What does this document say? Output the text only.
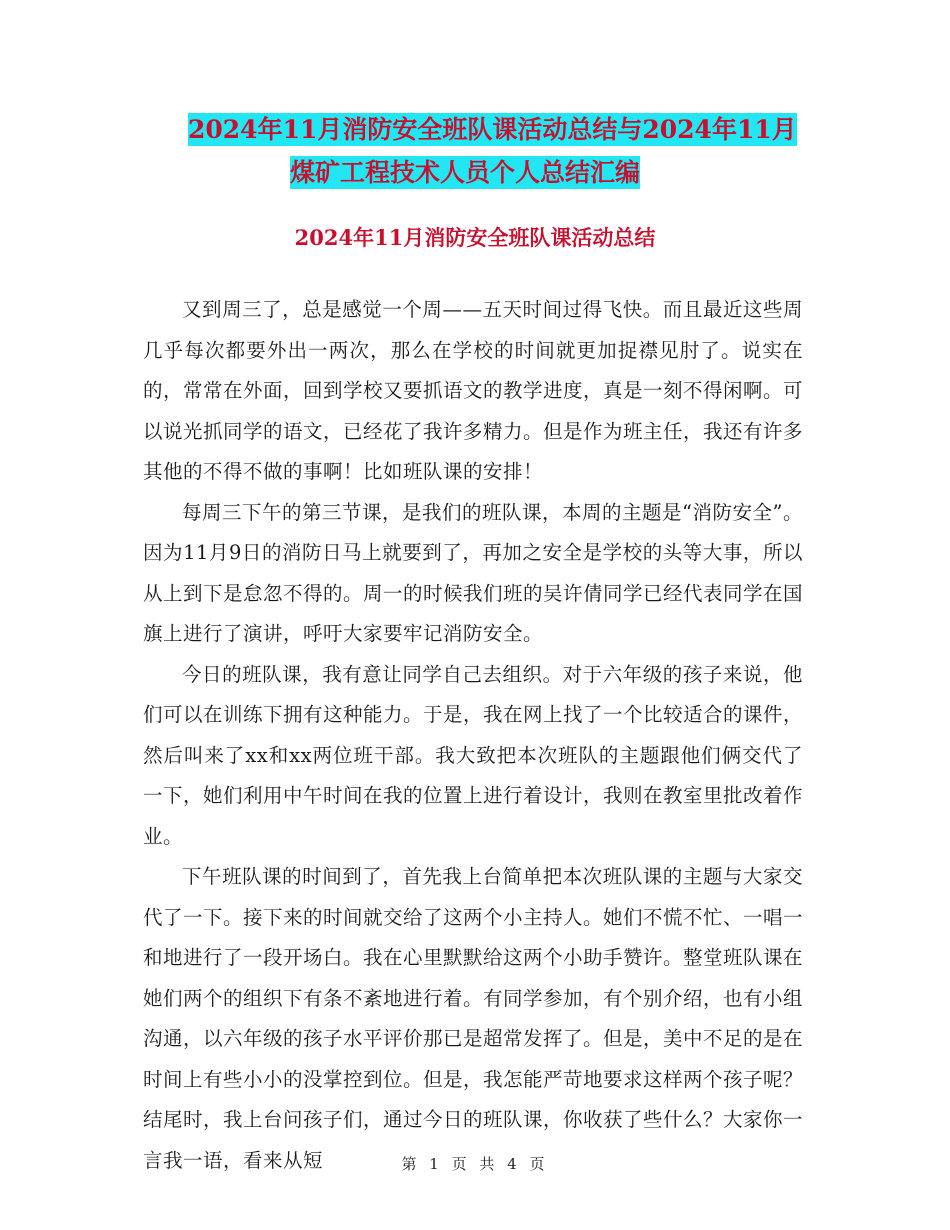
2024年11月消防安全班队课活动总结与2024年11月
煤矿工程技术人员个人总结汇编
2024年11月消防安全班队课活动总结

又到周三了，总是感觉一个周——五天时间过得飞快。而且最近这些周几乎每次都要外出一两次，那么在学校的时间就更加捉襟见肘了。说实在的，常常在外面，回到学校又要抓语文的教学进度，真是一刻不得闲啊。可以说光抓同学的语文，已经花了我许多精力。但是作为班主任，我还有许多其他的不得不做的事啊！比如班队课的安排！

每周三下午的第三节课，是我们的班队课，本周的主题是“消防安全”。因为11月9日的消防日马上就要到了，再加之安全是学校的头等大事，所以从上到下是怠忽不得的。周一的时候我们班的吴许倩同学已经代表同学在国旗上进行了演讲，呼吁大家要牢记消防安全。

今日的班队课，我有意让同学自己去组织。对于六年级的孩子来说，他们可以在训练下拥有这种能力。于是，我在网上找了一个比较适合的课件，然后叫来了xx和xx两位班干部。我大致把本次班队的主题跟他们俩交代了一下，她们利用中午时间在我的位置上进行着设计，我则在教室里批改着作业。

下午班队课的时间到了，首先我上台简单把本次班队课的主题与大家交代了一下。接下来的时间就交给了这两个小主持人。她们不慌不忙、一唱一和地进行了一段开场白。我在心里默默给这两个小助手赞许。整堂班队课在她们两个的组织下有条不紊地进行着。有同学参加，有个别介绍，也有小组沟通，以六年级的孩子水平评价那已是超常发挥了。但是，美中不足的是在时间上有些小小的没掌控到位。但是，我怎能严苛地要求这样两个孩子呢？结尾时，我上台问孩子们，通过今日的班队课，你收获了些什么？大家你一言我一语，看来从短	第 1 页 共 4 页
